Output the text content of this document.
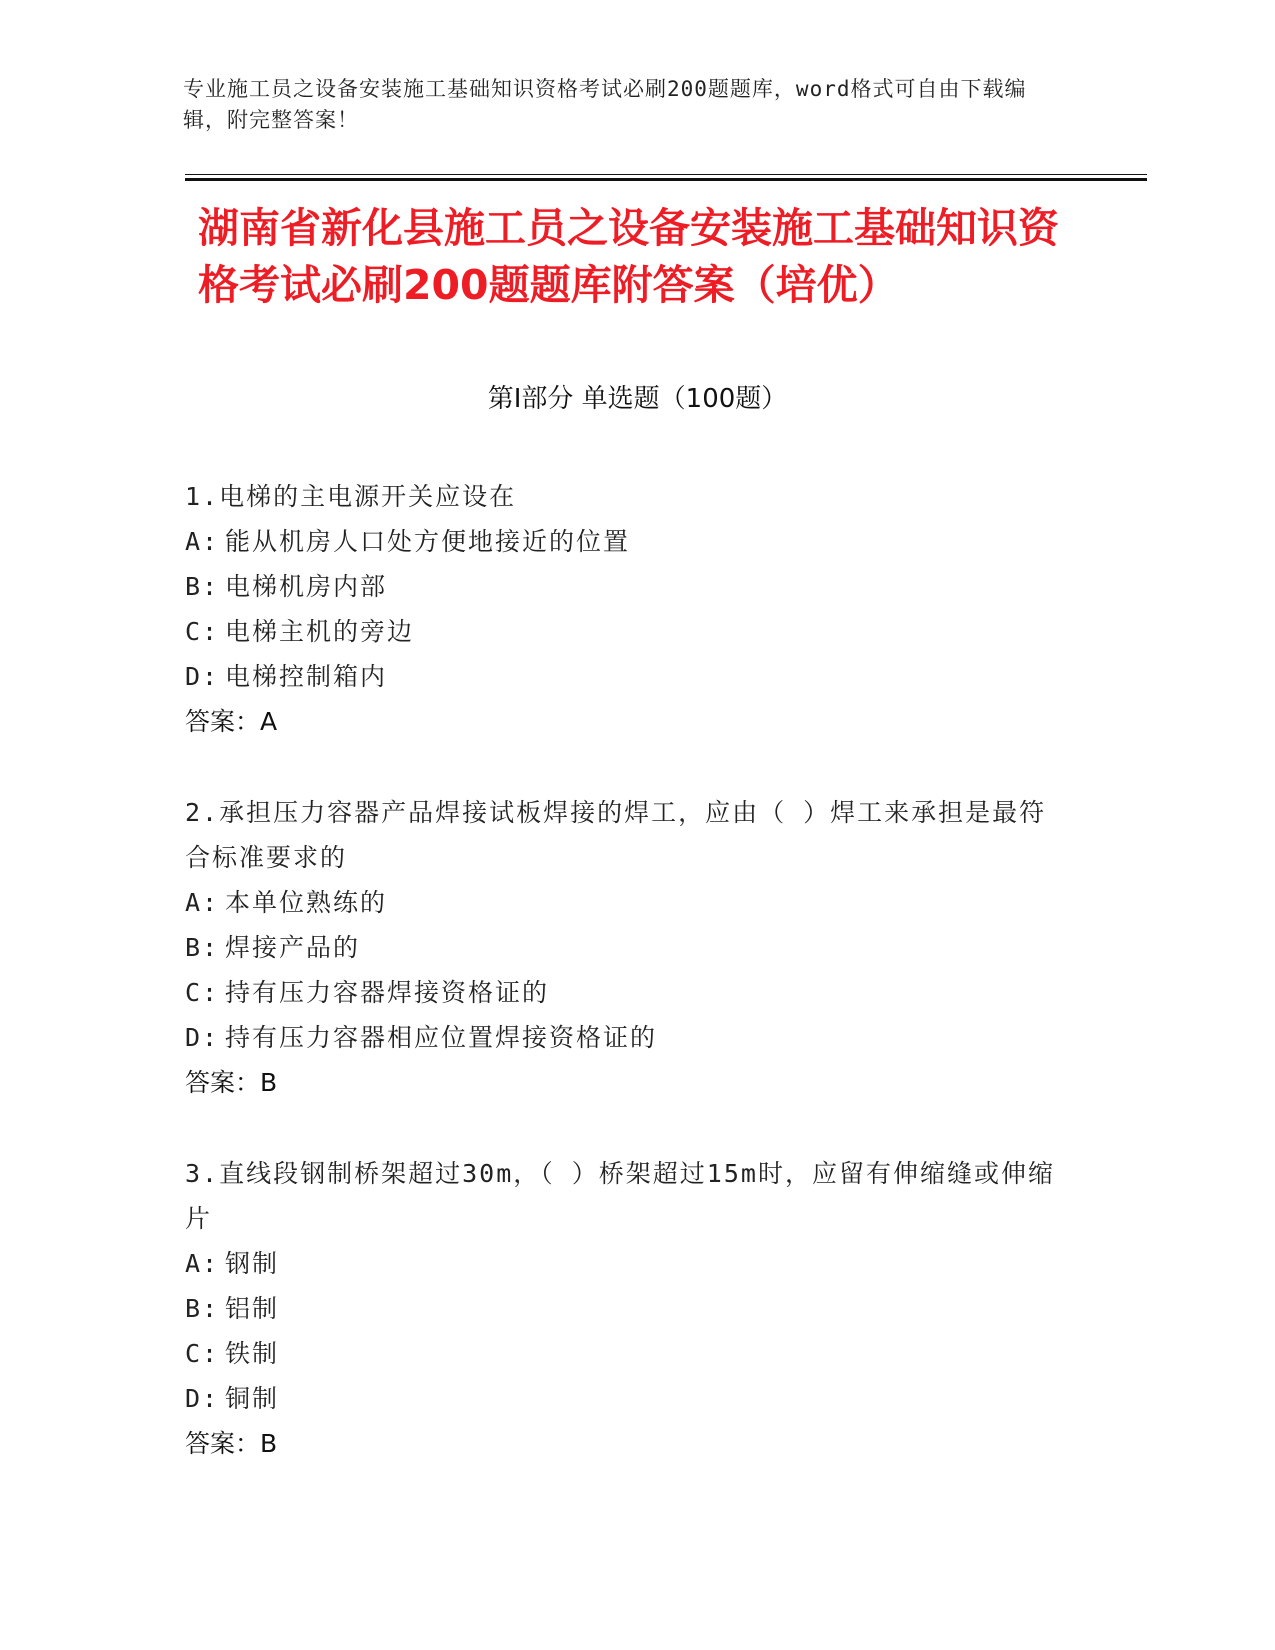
专业施工员之设备安装施工基础知识资格考试必刷200题题库，word格式可自由下载编辑，附完整答案！
湖南省新化县施工员之设备安装施工基础知识资格考试必刷200题题库附答案（培优）
第I部分 单选题（100题）
1.电梯的主电源开关应设在
A: 能从机房人口处方便地接近的位置
B: 电梯机房内部
C: 电梯主机的旁边
D: 电梯控制箱内
答案：A
2.承担压力容器产品焊接试板焊接的焊工，应由（ ）焊工来承担是最符合标准要求的
A: 本单位熟练的
B: 焊接产品的
C: 持有压力容器焊接资格证的
D: 持有压力容器相应位置焊接资格证的
答案：B
3.直线段钢制桥架超过30m，（ ）桥架超过15m时，应留有伸缩缝或伸缩片
A: 钢制
B: 铝制
C: 铁制
D: 铜制
答案：B
